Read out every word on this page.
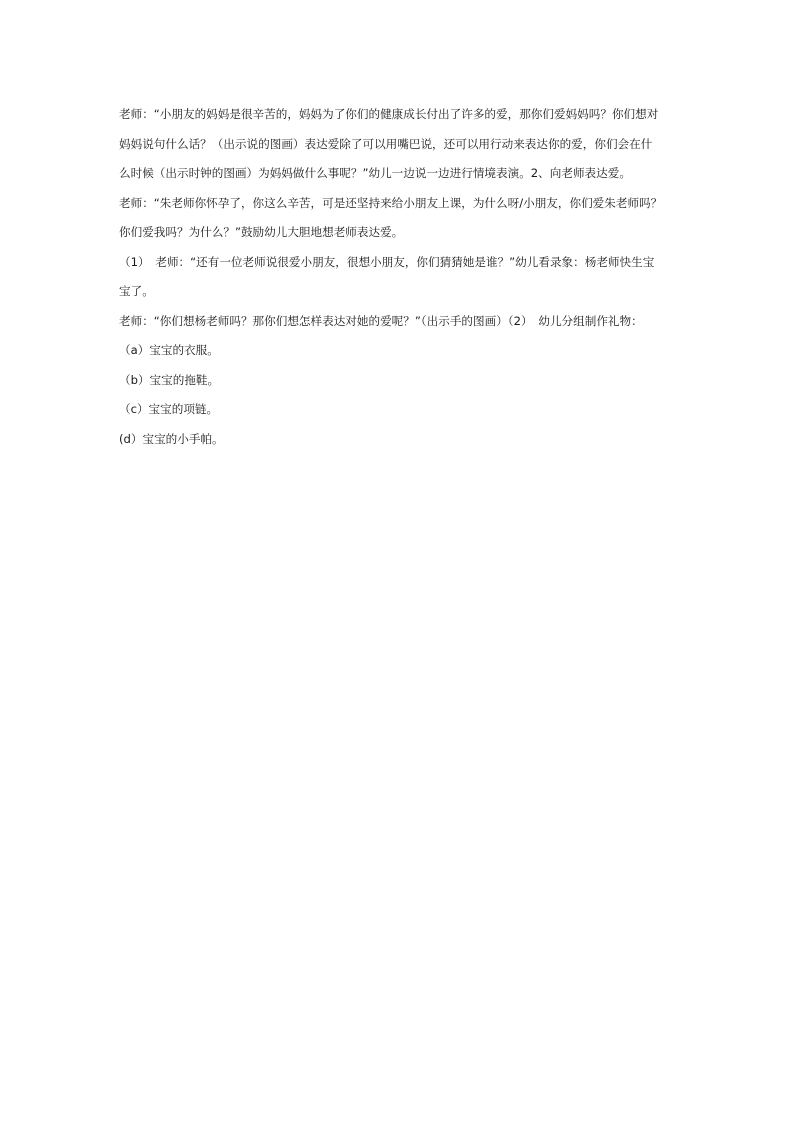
老师：“小朋友的妈妈是很辛苦的，妈妈为了你们的健康成长付出了许多的爱，那你们爱妈妈吗？你们想对
妈妈说句什么话？（出示说的图画）表达爱除了可以用嘴巴说，还可以用行动来表达你的爱，你们会在什
么时候（出示时钟的图画）为妈妈做什么事呢？”幼儿一边说一边进行情境表演。2、向老师表达爱。
老师：“朱老师你怀孕了，你这么辛苦，可是还坚持来给小朋友上课，为什么呀/小朋友，你们爱朱老师吗？
你们爱我吗？为什么？”鼓励幼儿大胆地想老师表达爱。
（1）　老师：“还有一位老师说很爱小朋友，很想小朋友，你们猜猜她是谁？”幼儿看录象：杨老师快生宝
宝了。
老师：“你们想杨老师吗？那你们想怎样表达对她的爱呢？”（出示手的图画）（2）　幼儿分组制作礼物：
（a）宝宝的衣服。
（b）宝宝的拖鞋。
（c）宝宝的项链。
(d）宝宝的小手帕。
